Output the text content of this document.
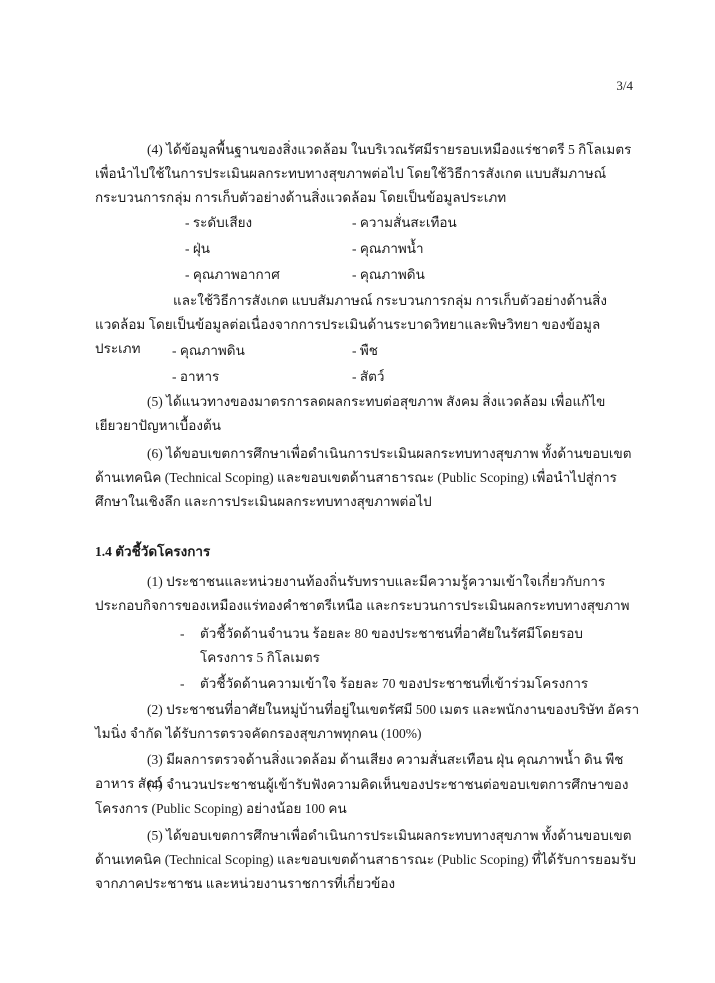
3/4

(4) ได้ข้อมูลพื้นฐานของสิ่งแวดล้อม ในบริเวณรัศมีรายรอบเหมืองแร่ชาตรี 5 กิโลเมตร เพื่อนำไปใช้ในการประเมินผลกระทบทางสุขภาพต่อไป โดยใช้วิธีการสังเกต แบบสัมภาษณ์ กระบวนการกลุ่ม การเก็บตัวอย่างด้านสิ่งแวดล้อม โดยเป็นข้อมูลประเภท

- ระดับเสียง	- ความสั่นสะเทือน
- ฝุ่น	- คุณภาพน้ำ
- คุณภาพอากาศ	- คุณภาพดิน

และใช้วิธีการสังเกต แบบสัมภาษณ์ กระบวนการกลุ่ม การเก็บตัวอย่างด้านสิ่งแวดล้อม โดยเป็นข้อมูลต่อเนื่องจากการประเมินด้านระบาดวิทยาและพิษวิทยา ของข้อมูลประเภท	- คุณภาพดิน	- พืช
- อาหาร	- สัตว์

(5) ได้แนวทางของมาตรการลดผลกระทบต่อสุขภาพ สังคม สิ่งแวดล้อม เพื่อแก้ไขเยียวยาปัญหาเบื้องต้น

(6) ได้ขอบเขตการศึกษาเพื่อดำเนินการประเมินผลกระทบทางสุขภาพ ทั้งด้านขอบเขตด้านเทคนิค (Technical Scoping) และขอบเขตด้านสาธารณะ (Public Scoping) เพื่อนำไปสู่การศึกษาในเชิงลึก และการประเมินผลกระทบทางสุขภาพต่อไป

1.4 ตัวชี้วัดโครงการ

(1) ประชาชนและหน่วยงานท้องถิ่นรับทราบและมีความรู้ความเข้าใจเกี่ยวกับการประกอบกิจการของเหมืองแร่ทองคำชาตรีเหนือ และกระบวนการประเมินผลกระทบทางสุขภาพ

- ตัวชี้วัดด้านจำนวน ร้อยละ 80 ของประชาชนที่อาศัยในรัศมีโดยรอบโครงการ 5 กิโลเมตร

- ตัวชี้วัดด้านความเข้าใจ ร้อยละ 70 ของประชาชนที่เข้าร่วมโครงการ

(2) ประชาชนที่อาศัยในหมู่บ้านที่อยู่ในเขตรัศมี 500 เมตร และพนักงานของบริษัท อัครา ไมนิ่ง จำกัด ได้รับการตรวจคัดกรองสุขภาพทุกคน (100%)

(3) มีผลการตรวจด้านสิ่งแวดล้อม ด้านเสียง ความสั่นสะเทือน ฝุ่น คุณภาพน้ำ ดิน พืช อาหาร สัตว์

(4) จำนวนประชาชนผู้เข้ารับฟังความคิดเห็นของประชาชนต่อขอบเขตการศึกษาของโครงการ (Public Scoping) อย่างน้อย 100 คน

(5) ได้ขอบเขตการศึกษาเพื่อดำเนินการประเมินผลกระทบทางสุขภาพ ทั้งด้านขอบเขตด้านเทคนิค (Technical Scoping) และขอบเขตด้านสาธารณะ (Public Scoping) ที่ได้รับการยอมรับจากภาคประชาชน และหน่วยงานราชการที่เกี่ยวข้อง
